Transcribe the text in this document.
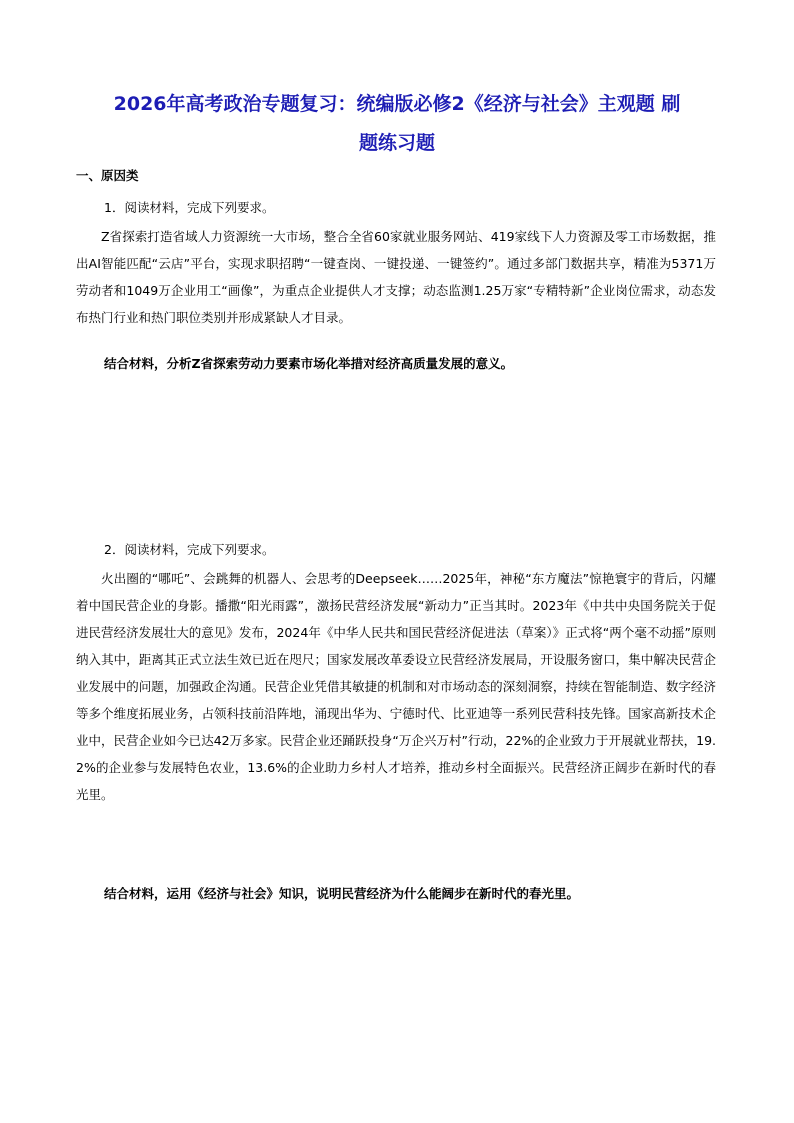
2026年高考政治专题复习：统编版必修2《经济与社会》主观题 刷
题练习题

一、原因类

1．阅读材料，完成下列要求。

Z省探索打造省域人力资源统一大市场，整合全省60家就业服务网站、419家线下人力资源及零工市场数据，推出AI智能匹配“云店”平台，实现求职招聘“一键查岗、一键投递、一键签约”。通过多部门数据共享，精准为5371万劳动者和1049万企业用工“画像”，为重点企业提供人才支撑；动态监测1.25万家“专精特新”企业岗位需求，动态发布热门行业和热门职位类别并形成紧缺人才目录。

结合材料，分析Z省探索劳动力要素市场化举措对经济高质量发展的意义。

2．阅读材料，完成下列要求。

火出圈的“哪吒”、会跳舞的机器人、会思考的Deepseek……2025年，神秘“东方魔法”惊艳寰宇的背后，闪耀着中国民营企业的身影。播撒“阳光雨露”，激扬民营经济发展“新动力”正当其时。2023年《中共中央国务院关于促进民营经济发展壮大的意见》发布，2024年《中华人民共和国民营经济促进法（草案）》正式将“两个毫不动摇”原则纳入其中，距离其正式立法生效已近在咫尺；国家发展改革委设立民营经济发展局，开设服务窗口，集中解决民营企业发展中的问题，加强政企沟通。民营企业凭借其敏捷的机制和对市场动态的深刻洞察，持续在智能制造、数字经济等多个维度拓展业务，占领科技前沿阵地，涌现出华为、宁德时代、比亚迪等一系列民营科技先锋。国家高新技术企业中，民营企业如今已达42万多家。民营企业还踊跃投身“万企兴万村”行动，22%的企业致力于开展就业帮扶，19.2%的企业参与发展特色农业，13.6%的企业助力乡村人才培养，推动乡村全面振兴。民营经济正阔步在新时代的春光里。

结合材料，运用《经济与社会》知识，说明民营经济为什么能阔步在新时代的春光里。
